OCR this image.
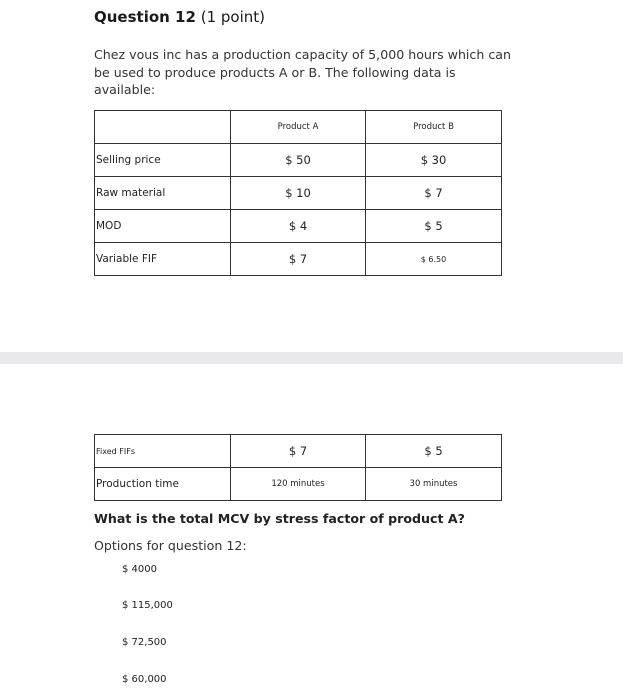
Question 12 (1 point)
Chez vous inc has a production capacity of 5,000 hours which can be used to produce products A or B. The following data is available:
	Product A	Product B
Selling price	$ 50	$ 30
Raw material	$ 10	$ 7
MOD	$ 4	$ 5
Variable FIF	$ 7	$ 6.50
Fixed FIFs	$ 7	$ 5
Production time	120 minutes	30 minutes
What is the total MCV by stress factor of product A?
Options for question 12:
$ 4000
$ 115,000
$ 72,500
$ 60,000
